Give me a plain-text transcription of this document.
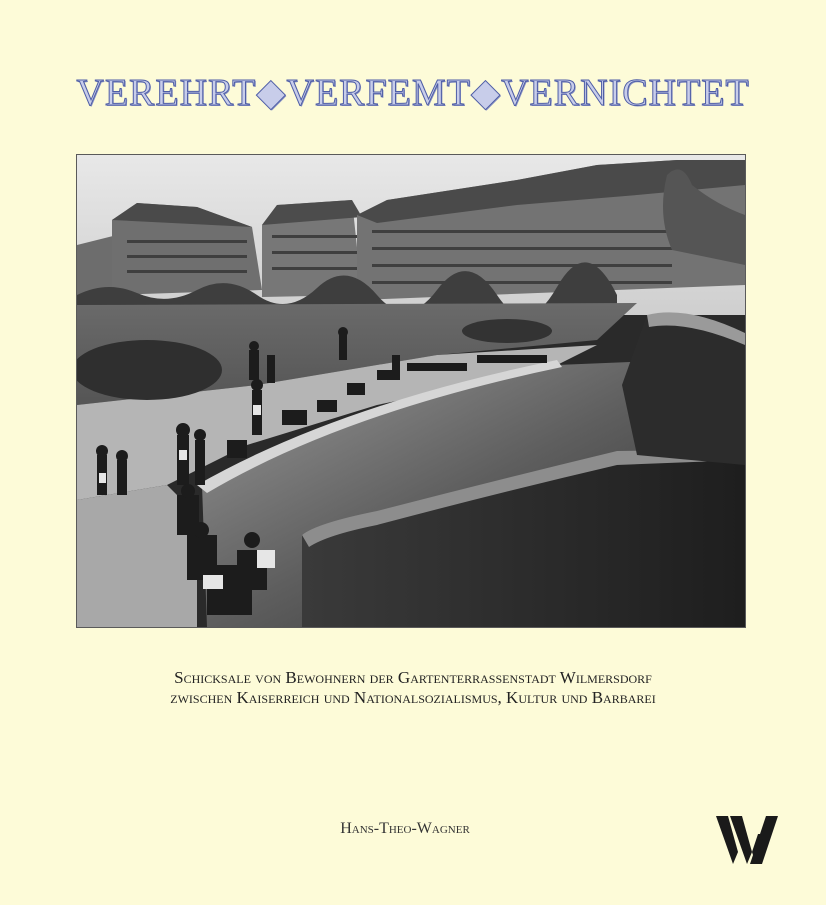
VEREHRT◆VERFEMT◆VERNICHTET
Schicksale von Bewohnern der Gartenterrassenstadt Wilmersdorf
zwischen Kaiserreich und Nationalsozialismus, Kultur und Barbarei
Hans-Theo-Wagner
